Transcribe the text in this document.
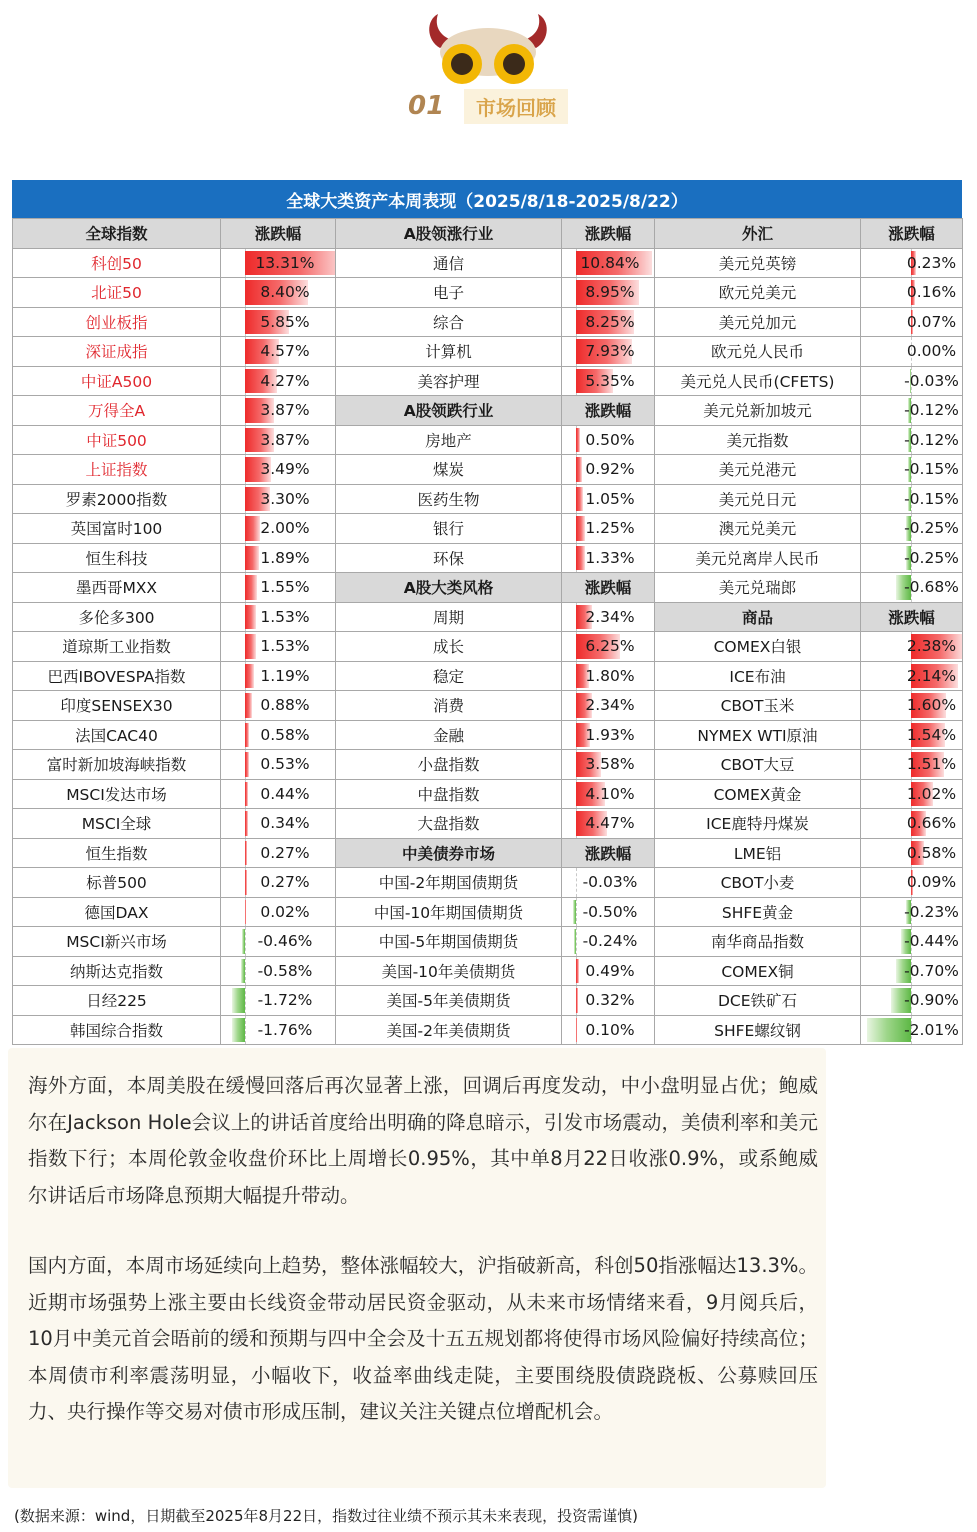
01	市场回顾
全球大类资产本周表现（2025/8/18-2025/8/22）
全球指数	涨跌幅	A股领涨行业	涨跌幅	外汇	涨跌幅
科创50	13.31%	通信	10.84%	美元兑英镑	0.23%
北证50	8.40%	电子	8.95%	欧元兑美元	0.16%
创业板指	5.85%	综合	8.25%	美元兑加元	0.07%
深证成指	4.57%	计算机	7.93%	欧元兑人民币	0.00%
中证A500	4.27%	美容护理	5.35%	美元兑人民币(CFETS)	-0.03%
万得全A	3.87%	A股领跌行业	涨跌幅	美元兑新加坡元	-0.12%
中证500	3.87%	房地产	0.50%	美元指数	-0.12%
上证指数	3.49%	煤炭	0.92%	美元兑港元	-0.15%
罗素2000指数	3.30%	医药生物	1.05%	美元兑日元	-0.15%
英国富时100	2.00%	银行	1.25%	澳元兑美元	-0.25%
恒生科技	1.89%	环保	1.33%	美元兑离岸人民币	-0.25%
墨西哥MXX	1.55%	A股大类风格	涨跌幅	美元兑瑞郎	-0.68%
多伦多300	1.53%	周期	2.34%	商品	涨跌幅
道琼斯工业指数	1.53%	成长	6.25%	COMEX白银	2.38%
巴西IBOVESPA指数	1.19%	稳定	1.80%	ICE布油	2.14%
印度SENSEX30	0.88%	消费	2.34%	CBOT玉米	1.60%
法国CAC40	0.58%	金融	1.93%	NYMEX WTI原油	1.54%
富时新加坡海峡指数	0.53%	小盘指数	3.58%	CBOT大豆	1.51%
MSCI发达市场	0.44%	中盘指数	4.10%	COMEX黄金	1.02%
MSCI全球	0.34%	大盘指数	4.47%	ICE鹿特丹煤炭	0.66%
恒生指数	0.27%	中美债券市场	涨跌幅	LME铝	0.58%
标普500	0.27%	中国-2年期国债期货	-0.03%	CBOT小麦	0.09%
德国DAX	0.02%	中国-10年期国债期货	-0.50%	SHFE黄金	-0.23%
MSCI新兴市场	-0.46%	中国-5年期国债期货	-0.24%	南华商品指数	-0.44%
纳斯达克指数	-0.58%	美国-10年美债期货	0.49%	COMEX铜	-0.70%
日经225	-1.72%	美国-5年美债期货	0.32%	DCE铁矿石	-0.90%
韩国综合指数	-1.76%	美国-2年美债期货	0.10%	SHFE螺纹钢	-2.01%

海外方面，本周美股在缓慢回落后再次显著上涨，回调后再度发动，中小盘明显占优；鲍威尔在Jackson Hole会议上的讲话首度给出明确的降息暗示，引发市场震动，美债利率和美元指数下行；本周伦敦金收盘价环比上周增长0.95%，其中单8月22日收涨0.9%，或系鲍威尔讲话后市场降息预期大幅提升带动。

国内方面，本周市场延续向上趋势，整体涨幅较大，沪指破新高，科创50指涨幅达13.3%。近期市场强势上涨主要由长线资金带动居民资金驱动，从未来市场情绪来看，9月阅兵后，10月中美元首会晤前的缓和预期与四中全会及十五五规划都将使得市场风险偏好持续高位；本周债市利率震荡明显，小幅收下，收益率曲线走陡，主要围绕股债跷跷板、公募赎回压力、央行操作等交易对债市形成压制，建议关注关键点位增配机会。

(数据来源：wind，日期截至2025年8月22日，指数过往业绩不预示其未来表现，投资需谨慎)
